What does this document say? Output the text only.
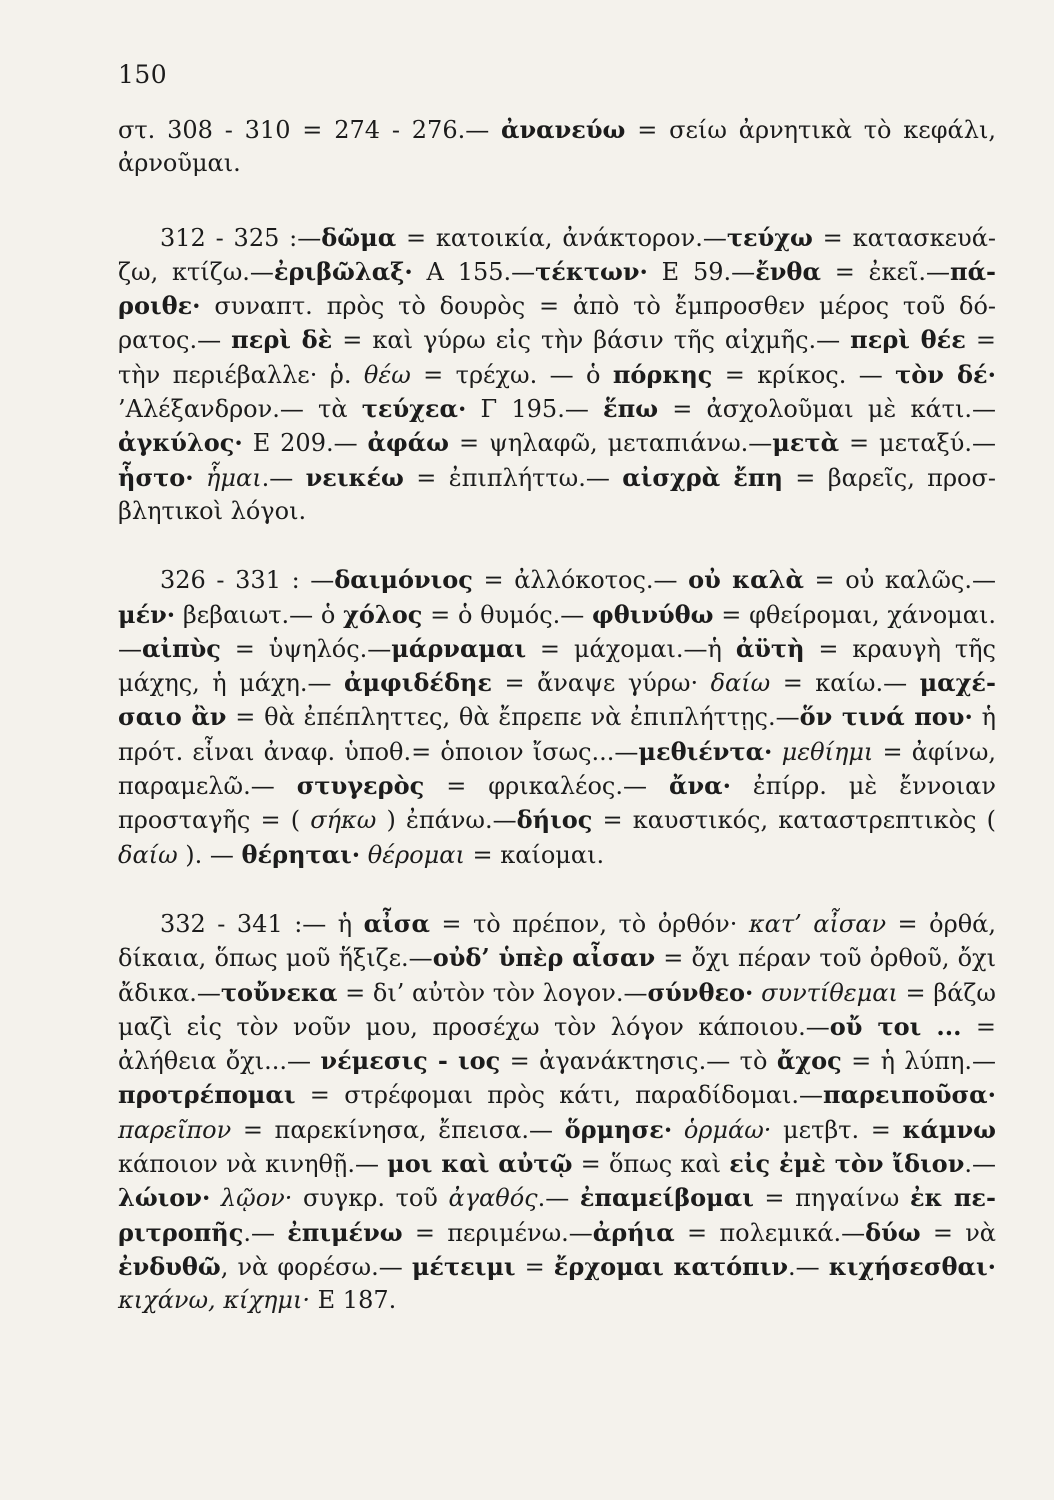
150

στ. 308 - 310 = 274 - 276.— ἀνανεύω = σείω ἀρνητικὰ τὸ κεφάλι, ἀρνοῦμαι.

312 - 325 :—δῶμα = κατοικία, ἀνάκτορον.—τεύχω = κατασκευάζω, κτίζω.—ἐριβῶλαξ· Α 155.—τέκτων· Ε 59.—ἔνθα = ἐκεῖ.—πάροιθε· συναπτ. πρὸς τὸ δουρὸς = ἀπὸ τὸ ἔμπροσθεν μέρος τοῦ δόρατος.— περὶ δὲ = καὶ γύρω εἰς τὴν βάσιν τῆς αἰχμῆς.— περὶ θέε = τὴν περιέβαλλε· ῥ. θέω = τρέχω. — ὁ πόρκης = κρίκος. — τὸν δέ· ’Αλέξανδρον.— τὰ τεύχεα· Γ 195.— ἕπω = ἀσχολοῦμαι μὲ κάτι.— ἀγκύλος· Ε 209.— ἀφάω = ψηλαφῶ, μεταπιάνω.—μετὰ = μεταξύ.— ἧστο· ἧμαι.— νεικέω = ἐπιπλήττω.— αἰσχρὰ ἔπη = βαρεῖς, προσβλητικοὶ λόγοι.

326 - 331 : —δαιμόνιος = ἀλλόκοτος.— οὐ καλὰ = οὐ καλῶς.— μέν· βεβαιωτ.— ὁ χόλος = ὁ θυμός.— φθινύθω = φθείρομαι, χάνομαι.—αἰπὺς = ὑψηλός.—μάρναμαι = μάχομαι.—ἡ ἀϋτὴ = κραυγὴ τῆς μάχης, ἡ μάχη.— ἀμφιδέδηε = ἄναψε γύρω· δαίω = καίω.— μαχέσαιο ἂν = θὰ ἐπέπληττες, θὰ ἔπρεπε νὰ ἐπιπλήττῃς.—ὅν τινά που· ἡ πρότ. εἶναι ἀναφ. ὑποθ.= ὁποιον ἴσως...—μεθιέντα· μεθίημι = ἀφίνω, παραμελῶ.— στυγερὸς = φρικαλέος.— ἄνα· ἐπίρρ. μὲ ἔννοιαν προσταγῆς = ( σήκω ) ἐπάνω.—δήιος = καυστικός, καταστρεπτικὸς ( δαίω ). — θέρηται· θέρομαι = καίομαι.

332 - 341 :— ἡ αἶσα = τὸ πρέπον, τὸ ὀρθόν· κατ’ αἶσαν = ὀρθά, δίκαια, ὅπως μοῦ ἥξιζε.—οὐδ’ ὑπὲρ αἶσαν = ὄχι πέραν τοῦ ὀρθοῦ, ὄχι ἄδικα.—τοὔνεκα = δι’ αὐτὸν τὸν λογον.—σύνθεο· συντίθεμαι = βάζω μαζὶ εἰς τὸν νοῦν μου, προσέχω τὸν λόγον κάποιου.—οὔ τοι ... = ἀλήθεια ὄχι...— νέμεσις - ιος = ἀγανάκτησις.— τὸ ἄχος = ἡ λύπη.— προτρέπομαι = στρέφομαι πρὸς κάτι, παραδίδομαι.—παρειποῦσα· παρεῖπον = παρεκίνησα, ἔπεισα.— ὅρμησε· ὁρμάω· μετβτ. = κάμνω κάποιον νὰ κινηθῇ.— μοι καὶ αὐτῷ = ὅπως καὶ εἰς ἐμὲ τὸν ἴδιον.— λώιον· λῷον· συγκρ. τοῦ ἀγαθός.— ἐπαμείβομαι = πηγαίνω ἐκ περιτροπῆς.— ἐπιμένω = περιμένω.—ἀρήια = πολεμικά.—δύω = νὰ ἐνδυθῶ, νὰ φορέσω.— μέτειμι = ἔρχομαι κατόπιν.— κιχήσεσθαι· κιχάνω, κίχημι· Ε 187.
